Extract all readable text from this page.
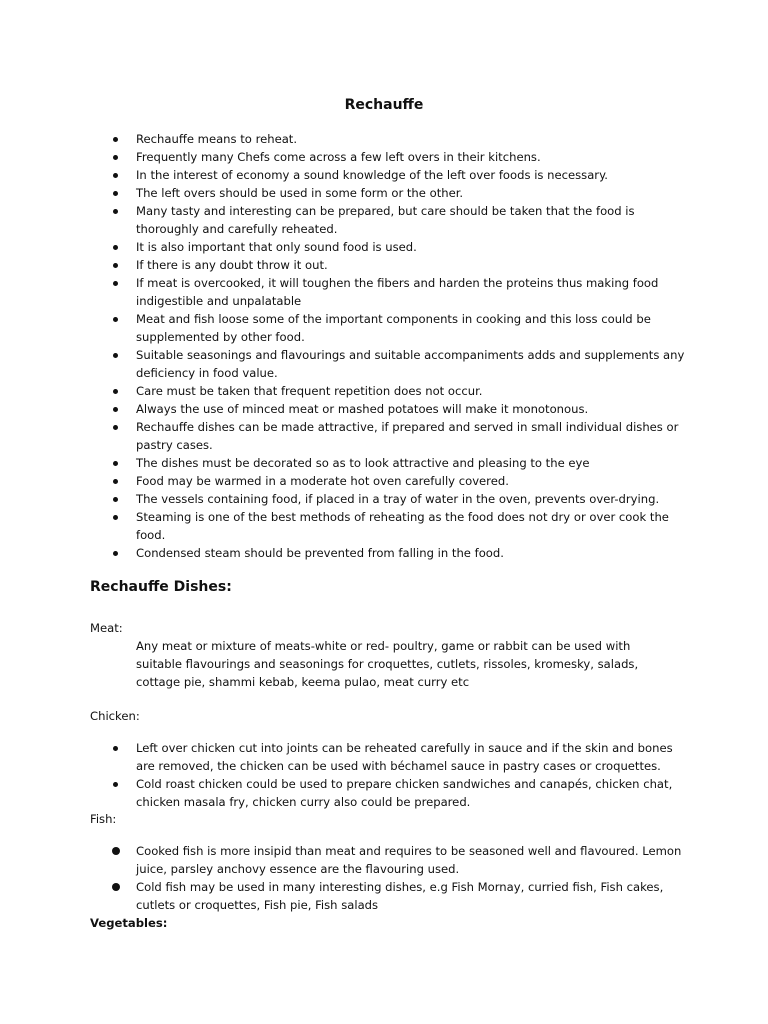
Rechauffe
Rechauffe means to reheat.
Frequently many Chefs come across a few left overs in their kitchens.
In the interest of economy a sound knowledge of the left over foods is necessary.
The left overs should be used in some form or the other.
Many tasty and interesting can be prepared, but care should be taken that the food is thoroughly and carefully reheated.
It is also important that only sound food is used.
If there is any doubt throw it out.
If meat is overcooked, it will toughen the fibers and harden the proteins thus making food indigestible and unpalatable
Meat and fish loose some of the important components in cooking and this loss could be supplemented by other food.
Suitable seasonings and flavourings and suitable accompaniments adds and supplements any deficiency in food value.
Care must be taken that frequent repetition does not occur.
Always the use of minced meat or mashed potatoes will make it monotonous.
Rechauffe dishes can be made attractive, if prepared and served in small individual dishes or pastry cases.
The dishes must be decorated so as to look attractive and pleasing to the eye
Food may be warmed in a moderate hot oven carefully covered.
The vessels containing food, if placed in a tray of water in the oven, prevents over-drying.
Steaming is one of the best methods of reheating as the food does not dry or over cook the food.
Condensed steam should be prevented from falling in the food.
Rechauffe Dishes:
Meat:
Any meat or mixture of meats-white or red- poultry, game or rabbit can be used with suitable flavourings and seasonings for croquettes, cutlets, rissoles, kromesky, salads, cottage pie, shammi kebab, keema pulao, meat curry etc
Chicken:
Left over chicken cut into joints can be reheated carefully in sauce and if the skin and bones are removed, the chicken can be used with béchamel sauce in pastry cases or croquettes.
Cold roast chicken could be used to prepare chicken sandwiches and canapés, chicken chat, chicken masala fry, chicken curry also could be prepared.
Fish:
Cooked fish is more insipid than meat and requires to be seasoned well and flavoured. Lemon juice, parsley anchovy essence are the flavouring used.
Cold fish may be used in many interesting dishes, e.g Fish Mornay, curried fish, Fish cakes, cutlets or croquettes, Fish pie, Fish salads
Vegetables:
